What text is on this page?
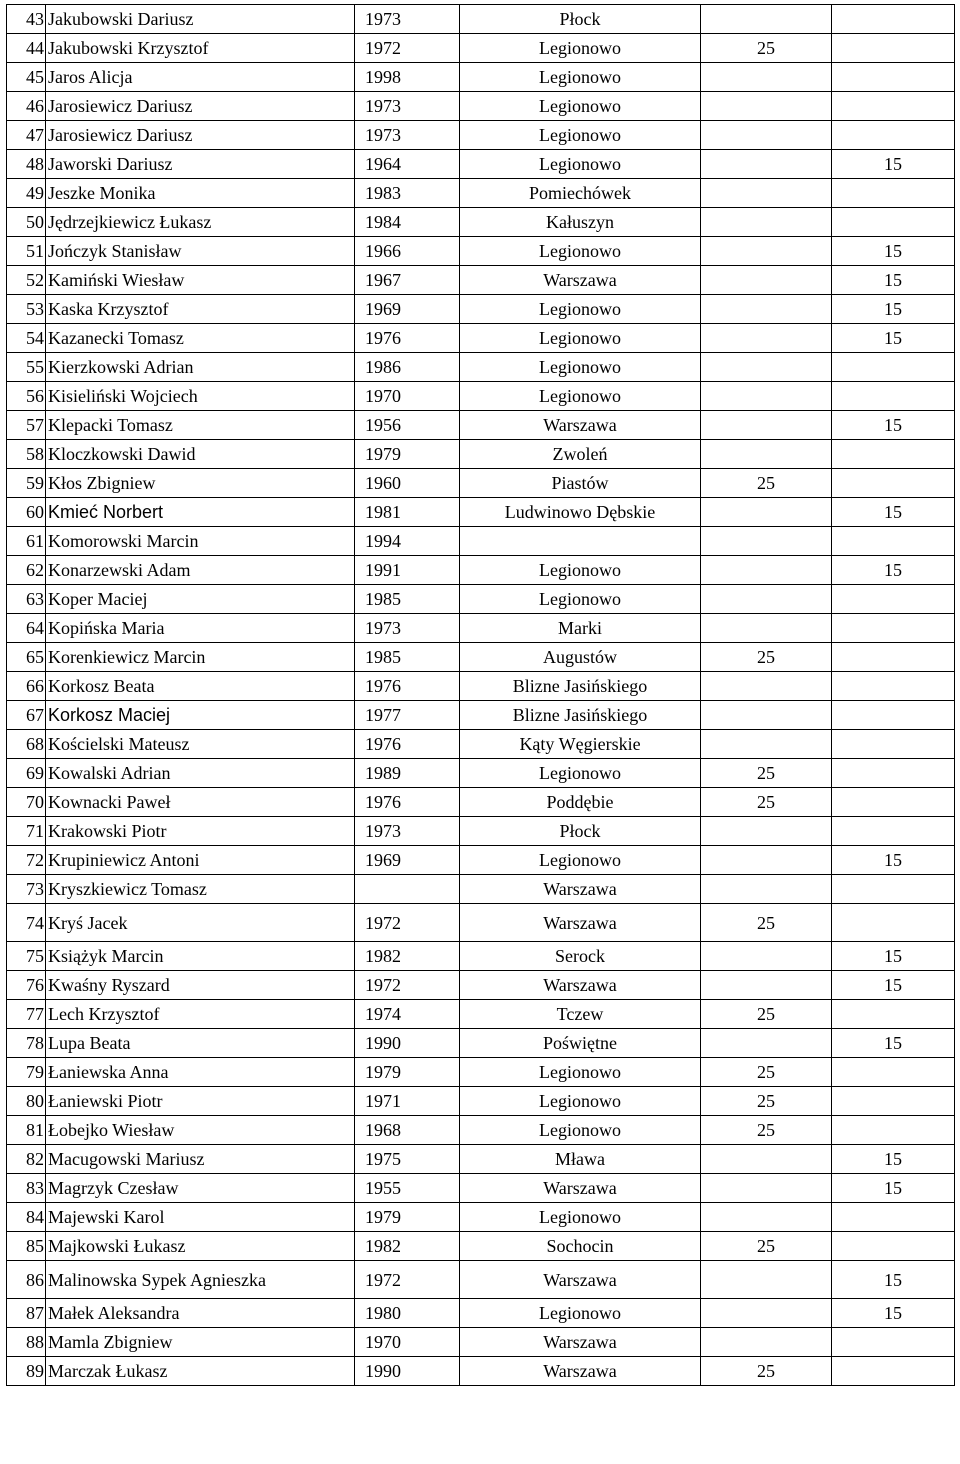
43	Jakubowski Dariusz	1973	Płock		
44	Jakubowski Krzysztof	1972	Legionowo	25	
45	Jaros Alicja	1998	Legionowo		
46	Jarosiewicz Dariusz	1973	Legionowo		
47	Jarosiewicz Dariusz	1973	Legionowo		
48	Jaworski Dariusz	1964	Legionowo		15
49	Jeszke Monika	1983	Pomiechówek		
50	Jędrzejkiewicz Łukasz	1984	Kałuszyn		
51	Jończyk Stanisław	1966	Legionowo		15
52	Kamiński Wiesław	1967	Warszawa		15
53	Kaska Krzysztof	1969	Legionowo		15
54	Kazanecki Tomasz	1976	Legionowo		15
55	Kierzkowski Adrian	1986	Legionowo		
56	Kisieliński Wojciech	1970	Legionowo		
57	Klepacki Tomasz	1956	Warszawa		15
58	Kloczkowski Dawid	1979	Zwoleń		
59	Kłos Zbigniew	1960	Piastów	25	
60	Kmieć Norbert	1981	Ludwinowo Dębskie		15
61	Komorowski Marcin	1994			
62	Konarzewski Adam	1991	Legionowo		15
63	Koper Maciej	1985	Legionowo		
64	Kopińska Maria	1973	Marki		
65	Korenkiewicz Marcin	1985	Augustów	25	
66	Korkosz Beata	1976	Blizne Jasińskiego		
67	Korkosz Maciej	1977	Blizne Jasińskiego		
68	Kościelski Mateusz	1976	Kąty Węgierskie		
69	Kowalski Adrian	1989	Legionowo	25	
70	Kownacki Paweł	1976	Poddębie	25	
71	Krakowski Piotr	1973	Płock		
72	Krupiniewicz Antoni	1969	Legionowo		15
73	Kryszkiewicz Tomasz		Warszawa		
74	Kryś Jacek	1972	Warszawa	25	
75	Książyk Marcin	1982	Serock		15
76	Kwaśny Ryszard	1972	Warszawa		15
77	Lech Krzysztof	1974	Tczew	25	
78	Lupa Beata	1990	Poświętne		15
79	Łaniewska Anna	1979	Legionowo	25	
80	Łaniewski Piotr	1971	Legionowo	25	
81	Łobejko Wiesław	1968	Legionowo	25	
82	Macugowski Mariusz	1975	Mława		15
83	Magrzyk Czesław	1955	Warszawa		15
84	Majewski Karol	1979	Legionowo		
85	Majkowski Łukasz	1982	Sochocin	25	
86	Malinowska Sypek Agnieszka	1972	Warszawa		15
87	Małek Aleksandra	1980	Legionowo		15
88	Mamla Zbigniew	1970	Warszawa		
89	Marczak Łukasz	1990	Warszawa	25	
